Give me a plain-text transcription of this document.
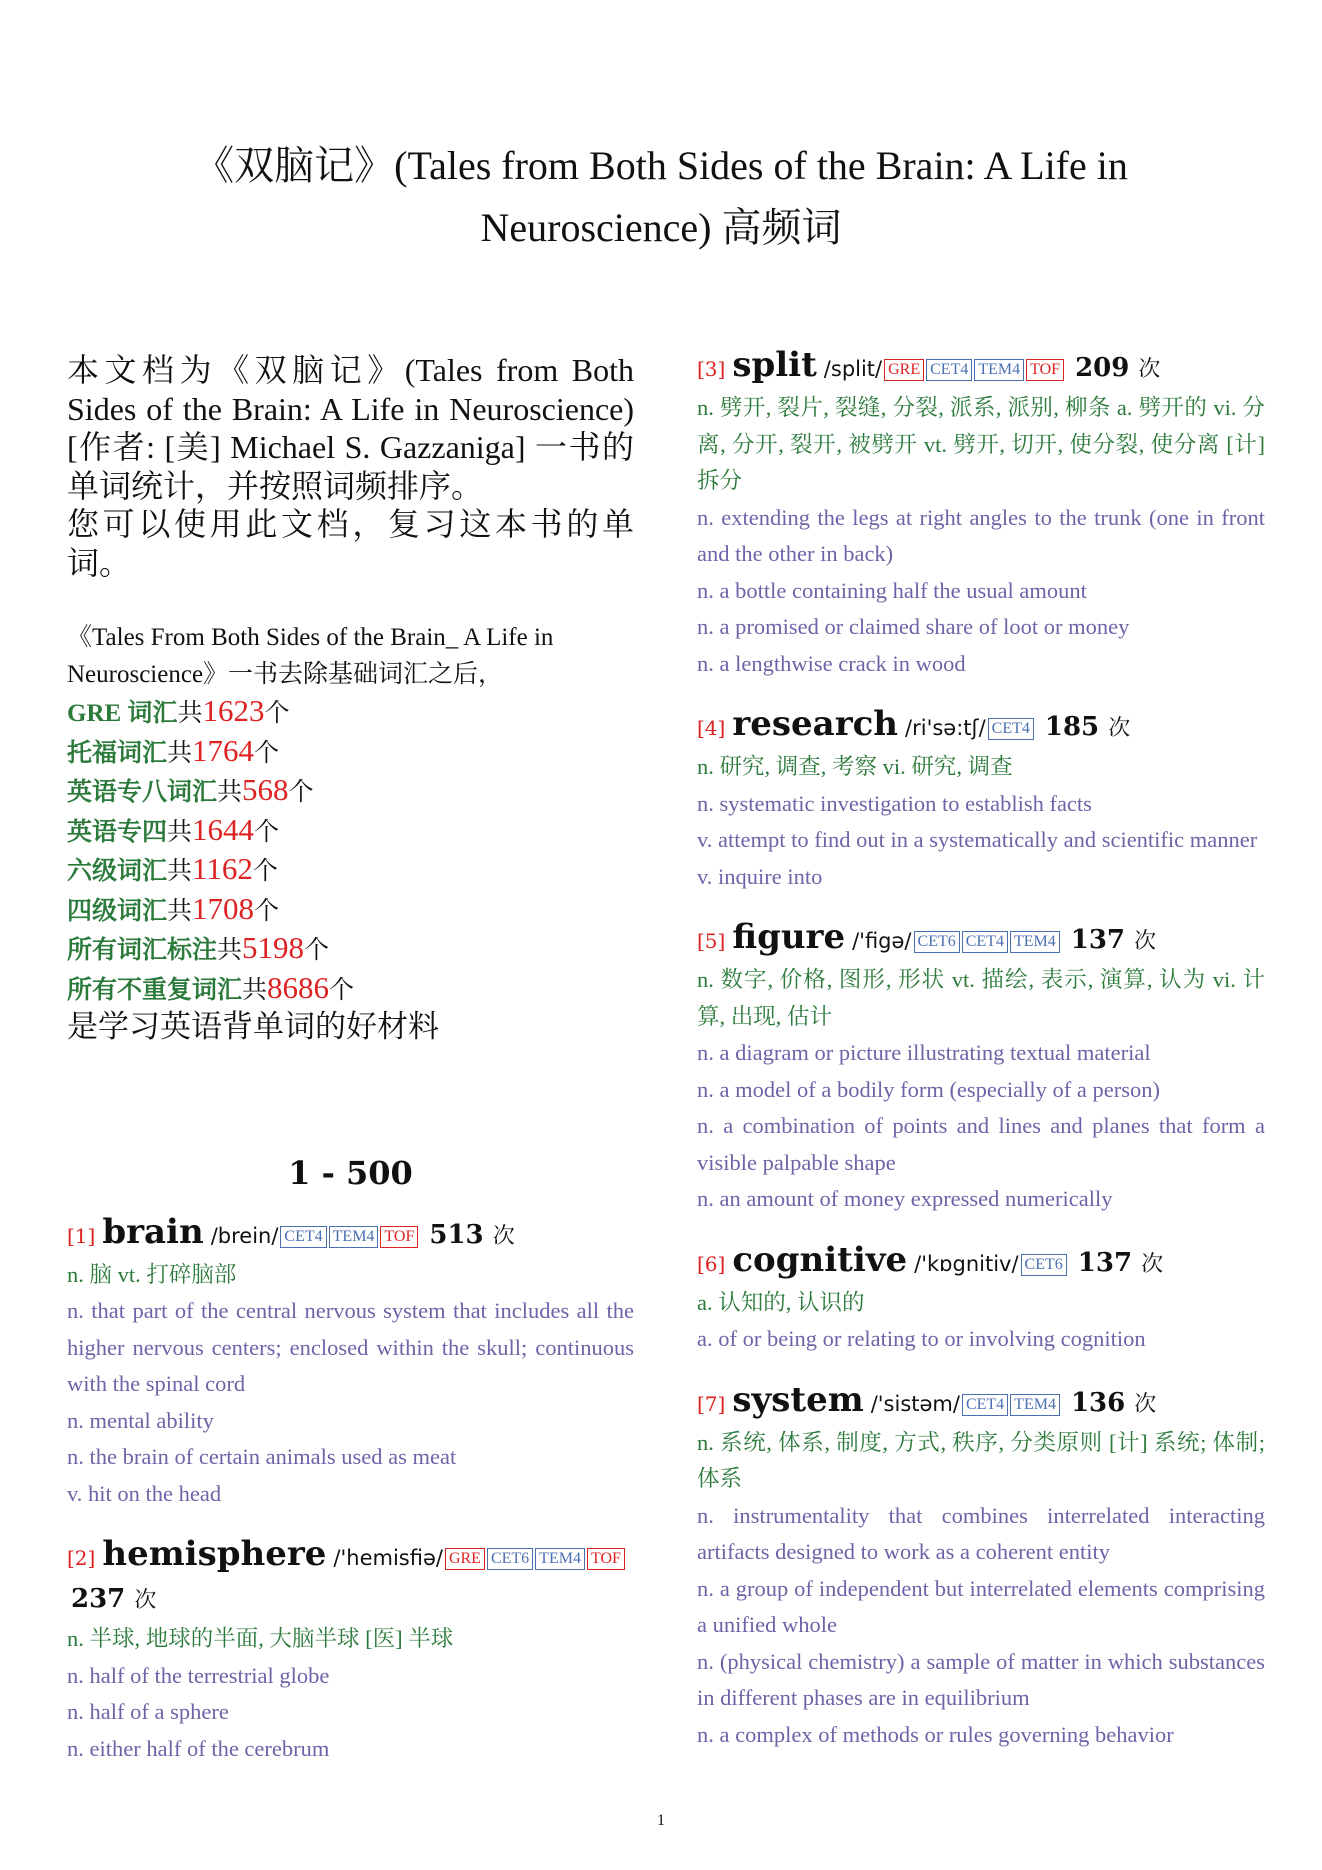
《双脑记》(Tales from Both Sides of the Brain: A Life in Neuroscience) 高频词

本文档为《双脑记》(Tales from Both Sides of the Brain: A Life in Neuroscience)[作者: [美] Michael S. Gazzaniga] 一书的单词统计，并按照词频排序。

您可以使用此文档，复习这本书的单词。

《Tales From Both Sides of the Brain_ A Life in Neuroscience》一书去除基础词汇之后，
GRE 词汇共1623个
托福词汇共1764个
英语专八词汇共568个
英语专四共1644个
六级词汇共1162个
四级词汇共1708个
所有词汇标注共5198个
所有不重复词汇共8686个
是学习英语背单词的好材料
1 - 500
[1] brain /brein/ CET4 TEM4 TOF 513 次
n. 脑 vt. 打碎脑部
n. that part of the central nervous system that includes all the higher nervous centers; enclosed within the skull; continuous with the spinal cord
n. mental ability
n. the brain of certain animals used as meat
v. hit on the head
[2] hemisphere /'hemisfiə/ GRE CET6 TEM4 TOF 237 次
n. 半球, 地球的半面, 大脑半球 [医] 半球
n. half of the terrestrial globe
n. half of a sphere
n. either half of the cerebrum
[3] split /split/ GRE CET4 TEM4 TOF 209 次
n. 劈开, 裂片, 裂缝, 分裂, 派系, 派别, 柳条 a. 劈开的 vi. 分离, 分开, 裂开, 被劈开 vt. 劈开, 切开, 使分裂, 使分离 [计] 拆分
n. extending the legs at right angles to the trunk (one in front and the other in back)
n. a bottle containing half the usual amount
n. a promised or claimed share of loot or money
n. a lengthwise crack in wood
[4] research /ri'sə:tʃ/ CET4 185 次
n. 研究, 调查, 考察 vi. 研究, 调查
n. systematic investigation to establish facts
v. attempt to find out in a systematically and scientific manner
v. inquire into
[5] figure /'figə/ CET6 CET4 TEM4 137 次
n. 数字, 价格, 图形, 形状 vt. 描绘, 表示, 演算, 认为 vi. 计算, 出现, 估计
n. a diagram or picture illustrating textual material
n. a model of a bodily form (especially of a person)
n. a combination of points and lines and planes that form a visible palpable shape
n. an amount of money expressed numerically
[6] cognitive /'kɒgnitiv/ CET6 137 次
a. 认知的, 认识的
a. of or being or relating to or involving cognition
[7] system /'sistəm/ CET4 TEM4 136 次
n. 系统, 体系, 制度, 方式, 秩序, 分类原则 [计] 系统; 体制; 体系
n. instrumentality that combines interrelated interacting artifacts designed to work as a coherent entity
n. a group of independent but interrelated elements comprising a unified whole
n. (physical chemistry) a sample of matter in which substances in different phases are in equilibrium
n. a complex of methods or rules governing behavior
1
